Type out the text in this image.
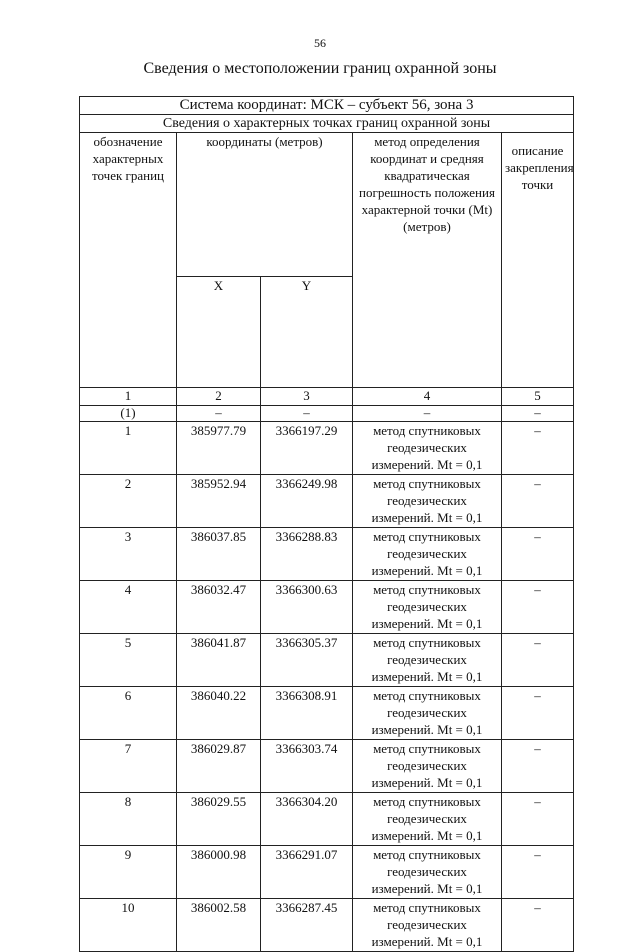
56
Сведения о местоположении границ охранной зоны
Система координат: МСК – субъект 56, зона 3				
Сведения о характерных точках границ охранной зоны				
обозначение характерных точек границ	координаты (метров)		метод определения координат и средняя квадратическая погрешность положения характерной точки (Mt) (метров)	описание закрепления точки
	X	Y		
1	2	3	4	5
(1)	–	–	–	–
1	385977.79	3366197.29	метод спутниковых геодезических измерений. Mt = 0,1	–
2	385952.94	3366249.98	метод спутниковых геодезических измерений. Mt = 0,1	–
3	386037.85	3366288.83	метод спутниковых геодезических измерений. Mt = 0,1	–
4	386032.47	3366300.63	метод спутниковых геодезических измерений. Mt = 0,1	–
5	386041.87	3366305.37	метод спутниковых геодезических измерений. Mt = 0,1	–
6	386040.22	3366308.91	метод спутниковых геодезических измерений. Mt = 0,1	–
7	386029.87	3366303.74	метод спутниковых геодезических измерений. Mt = 0,1	–
8	386029.55	3366304.20	метод спутниковых геодезических измерений. Mt = 0,1	–
9	386000.98	3366291.07	метод спутниковых геодезических измерений. Mt = 0,1	–
10	386002.58	3366287.45	метод спутниковых геодезических измерений. Mt = 0,1	–
